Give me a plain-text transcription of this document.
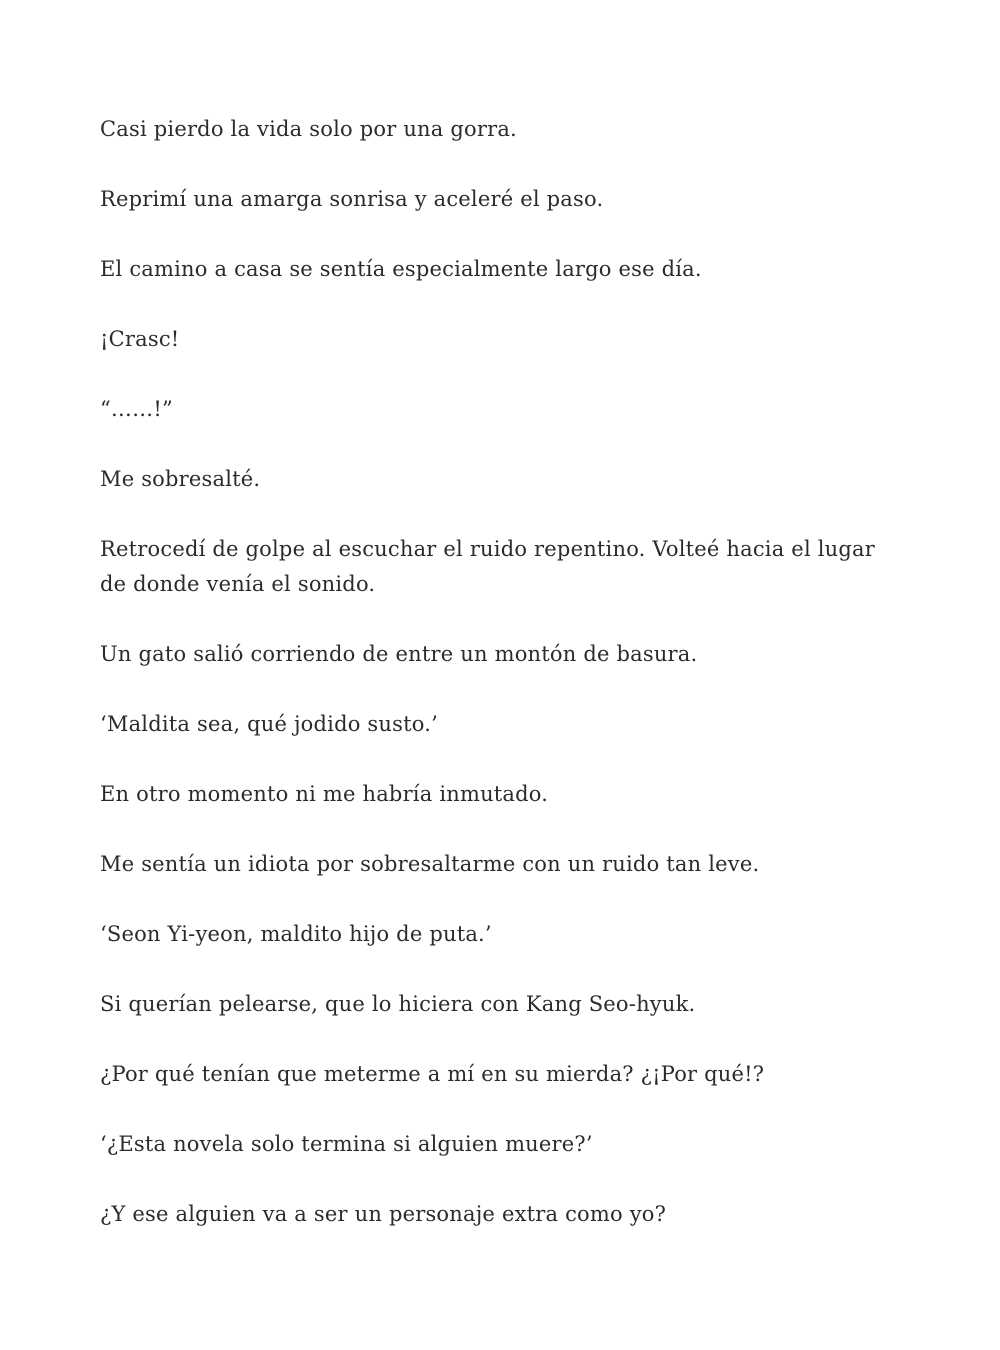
Casi pierdo la vida solo por una gorra.

Reprimí una amarga sonrisa y aceleré el paso.

El camino a casa se sentía especialmente largo ese día.

¡Crasc!

“……!”

Me sobresalté.

Retrocedí de golpe al escuchar el ruido repentino. Volteé hacia el lugar de donde venía el sonido.

Un gato salió corriendo de entre un montón de basura.

‘Maldita sea, qué jodido susto.’

En otro momento ni me habría inmutado.

Me sentía un idiota por sobresaltarme con un ruido tan leve.

‘Seon Yi-yeon, maldito hijo de puta.’

Si querían pelearse, que lo hiciera con Kang Seo-hyuk.

¿Por qué tenían que meterme a mí en su mierda? ¿¡Por qué!?

‘¿Esta novela solo termina si alguien muere?’

¿Y ese alguien va a ser un personaje extra como yo?
